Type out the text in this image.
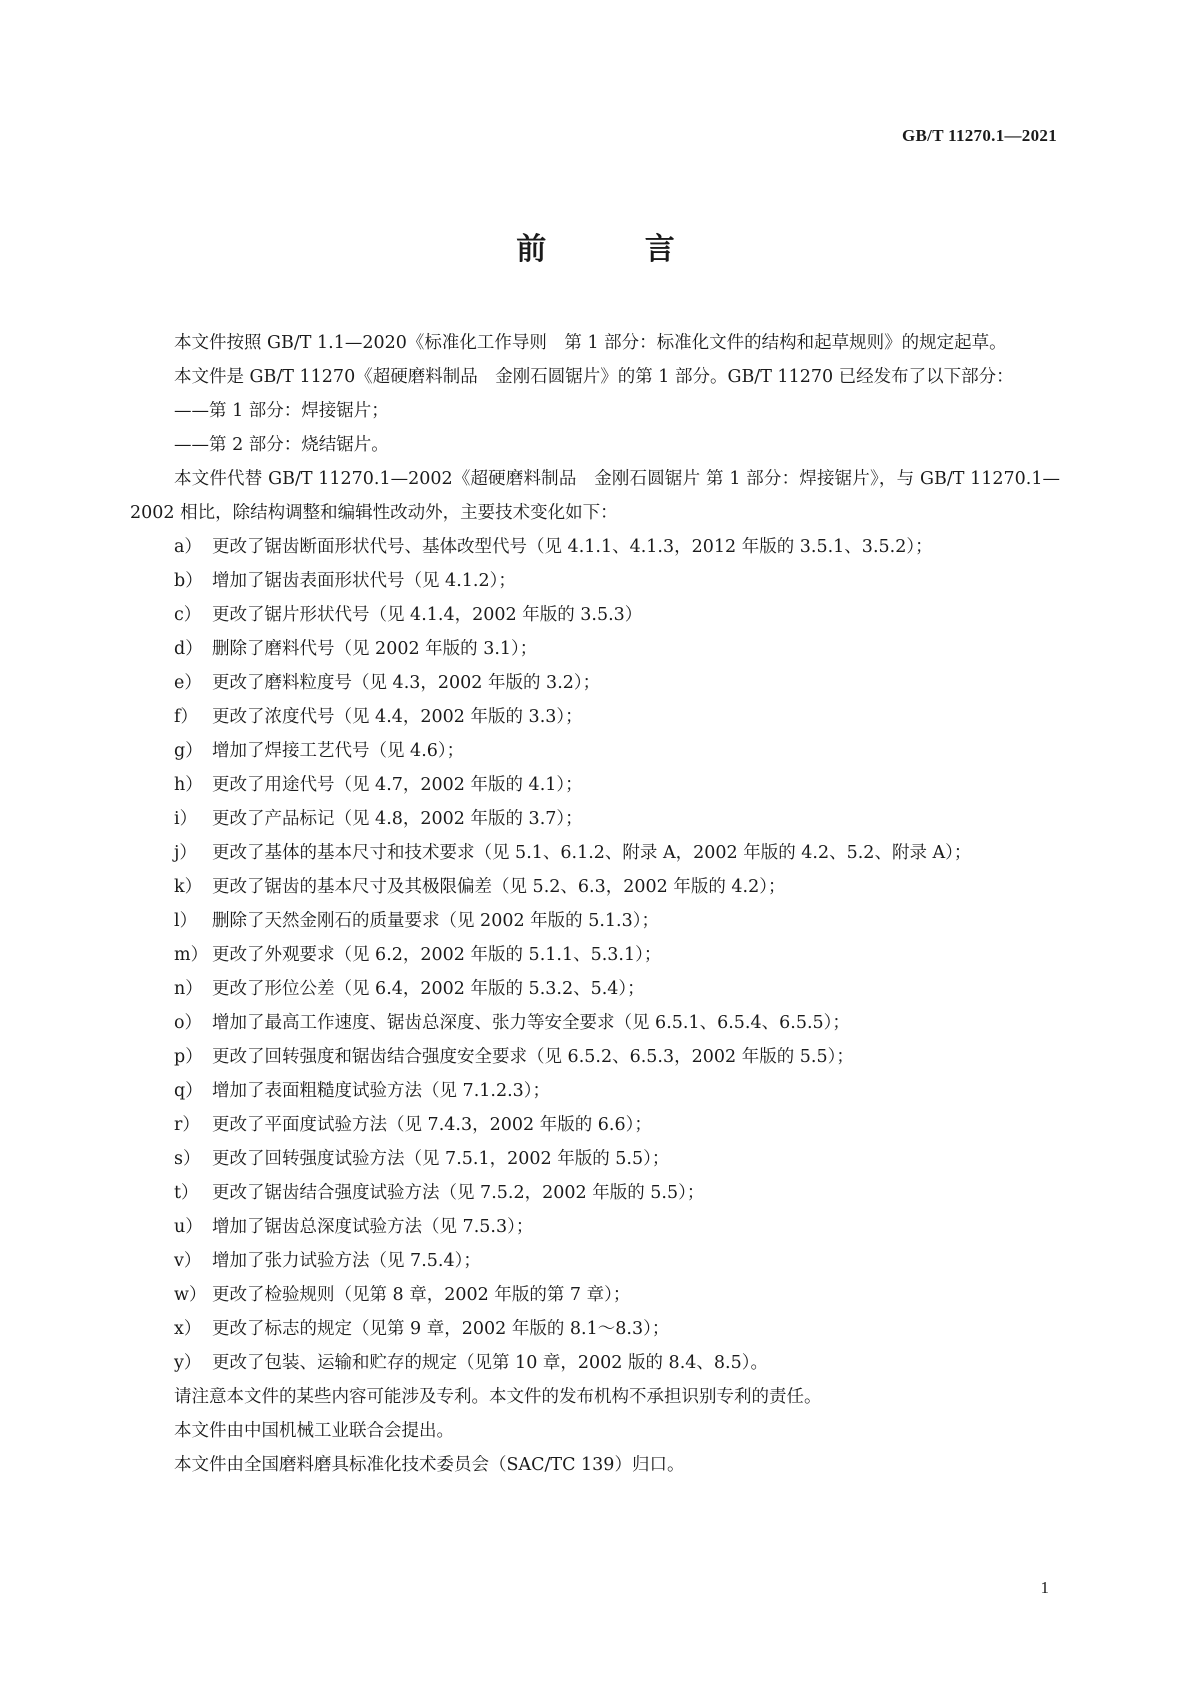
GB/T 11270.1—2021
前 言

本文件按照 GB/T 1.1—2020《标准化工作导则　第 1 部分：标准化文件的结构和起草规则》的规定起草。

本文件是 GB/T 11270《超硬磨料制品　金刚石圆锯片》的第 1 部分。GB/T 11270 已经发布了以下部分：

——第 1 部分：焊接锯片；

——第 2 部分：烧结锯片。

本文件代替 GB/T 11270.1—2002《超硬磨料制品　金刚石圆锯片 第 1 部分：焊接锯片》，与 GB/T 11270.1—2002 相比，除结构调整和编辑性改动外，主要技术变化如下：

a） 更改了锯齿断面形状代号、基体改型代号（见 4.1.1、4.1.3，2012 年版的 3.5.1、3.5.2）；

b） 增加了锯齿表面形状代号（见 4.1.2）；

c） 更改了锯片形状代号（见 4.1.4，2002 年版的 3.5.3）

d） 删除了磨料代号（见 2002 年版的 3.1）；

e） 更改了磨料粒度号（见 4.3，2002 年版的 3.2）；

f） 更改了浓度代号（见 4.4，2002 年版的 3.3）；

g） 增加了焊接工艺代号（见 4.6）；

h） 更改了用途代号（见 4.7，2002 年版的 4.1）；

i） 更改了产品标记（见 4.8，2002 年版的 3.7）；

j） 更改了基体的基本尺寸和技术要求（见 5.1、6.1.2、附录 A，2002 年版的 4.2、5.2、附录 A）；

k） 更改了锯齿的基本尺寸及其极限偏差（见 5.2、6.3，2002 年版的 4.2）；

l） 删除了天然金刚石的质量要求（见 2002 年版的 5.1.3）；

m） 更改了外观要求（见 6.2，2002 年版的 5.1.1、5.3.1）；

n） 更改了形位公差（见 6.4，2002 年版的 5.3.2、5.4）；

o） 增加了最高工作速度、锯齿总深度、张力等安全要求（见 6.5.1、6.5.4、6.5.5）；

p） 更改了回转强度和锯齿结合强度安全要求（见 6.5.2、6.5.3，2002 年版的 5.5）；

q） 增加了表面粗糙度试验方法（见 7.1.2.3）；

r） 更改了平面度试验方法（见 7.4.3，2002 年版的 6.6）；

s） 更改了回转强度试验方法（见 7.5.1，2002 年版的 5.5）；

t） 更改了锯齿结合强度试验方法（见 7.5.2，2002 年版的 5.5）；

u） 增加了锯齿总深度试验方法（见 7.5.3）；

v） 增加了张力试验方法（见 7.5.4）；

w） 更改了检验规则（见第 8 章，2002 年版的第 7 章）；

x） 更改了标志的规定（见第 9 章，2002 年版的 8.1～8.3）；

y） 更改了包装、运输和贮存的规定（见第 10 章，2002 版的 8.4、8.5）。

请注意本文件的某些内容可能涉及专利。本文件的发布机构不承担识别专利的责任。

本文件由中国机械工业联合会提出。

本文件由全国磨料磨具标准化技术委员会（SAC/TC 139）归口。

1
